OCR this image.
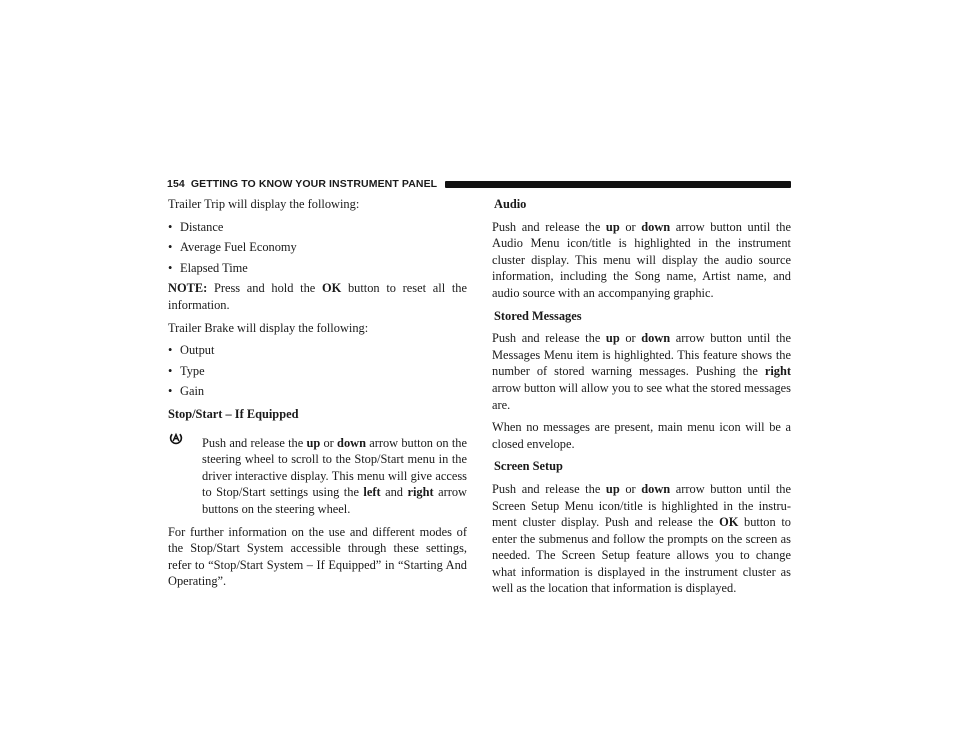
154 GETTING TO KNOW YOUR INSTRUMENT PANEL

Trailer Trip will display the following:

• Distance
• Average Fuel Economy
• Elapsed Time

NOTE: Press and hold the OK button to reset all the information.

Trailer Brake will display the following:

• Output
• Type
• Gain
Stop/Start – If Equipped

Push and release the up or down arrow button on the steering wheel to scroll to the Stop/Start menu in the driver interactive display. This menu will give access to Stop/Start settings using the left and right arrow buttons on the steering wheel.

For further information on the use and different modes of the Stop/Start System accessible through these settings, refer to “Stop/Start System – If Equipped” in “Starting And Operating”.

Audio

Push and release the up or down arrow button until the Audio Menu icon/title is highlighted in the instrument cluster display. This menu will display the audio source information, including the Song name, Artist name, and audio source with an accompanying graphic.

Stored Messages

Push and release the up or down arrow button until the Messages Menu item is highlighted. This feature shows the number of stored warning messages. Pushing the right arrow button will allow you to see what the stored messages are.

When no messages are present, main menu icon will be a closed envelope.

Screen Setup

Push and release the up or down arrow button until the Screen Setup Menu icon/title is highlighted in the instru-ment cluster display. Push and release the OK button to enter the submenus and follow the prompts on the screen as needed. The Screen Setup feature allows you to change what information is displayed in the instrument cluster as well as the location that information is displayed.
